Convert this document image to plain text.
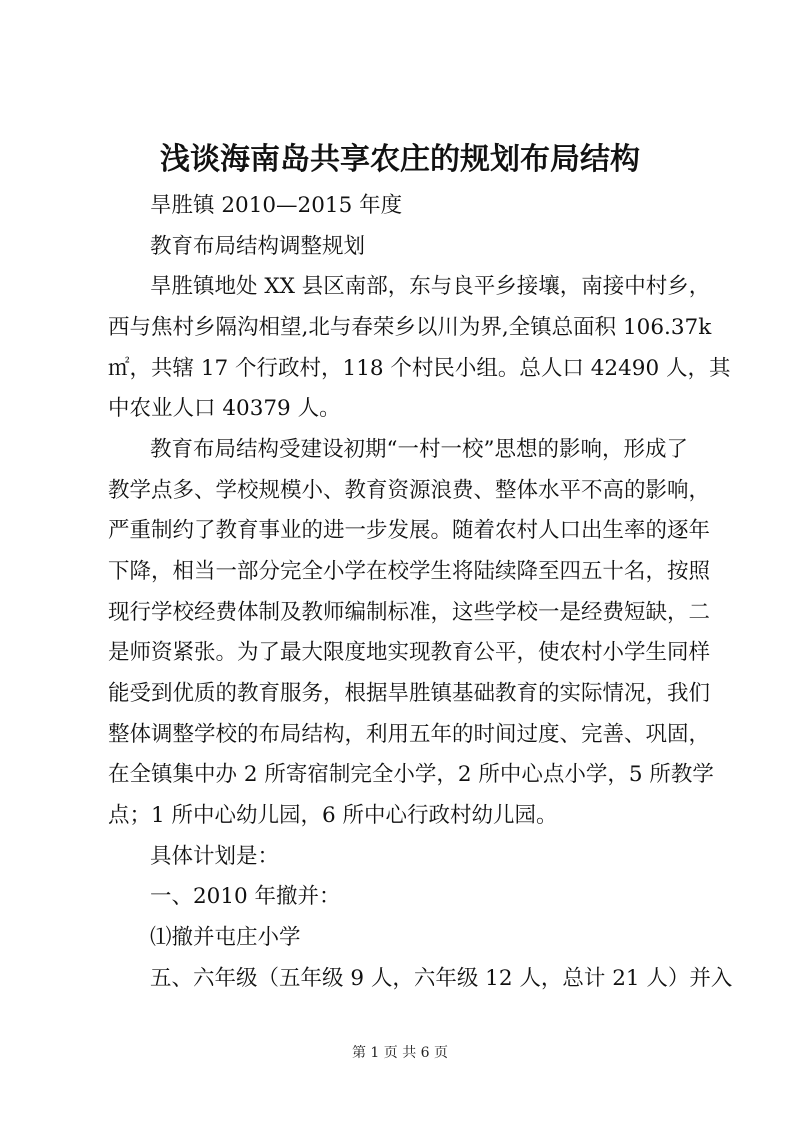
浅谈海南岛共享农庄的规划布局结构
旱胜镇 2010—2015 年度
教育布局结构调整规划
旱胜镇地处 XX 县区南部，东与良平乡接壤，南接中村乡，
西与焦村乡隔沟相望,北与春荣乡以川为界,全镇总面积 106.37k
㎡，共辖 17 个行政村，118 个村民小组。总人口 42490 人，其
中农业人口 40379 人。
教育布局结构受建设初期“一村一校”思想的影响，形成了
教学点多、学校规模小、教育资源浪费、整体水平不高的影响，
严重制约了教育事业的进一步发展。随着农村人口出生率的逐年
下降，相当一部分完全小学在校学生将陆续降至四五十名，按照
现行学校经费体制及教师编制标准，这些学校一是经费短缺，二
是师资紧张。为了最大限度地实现教育公平，使农村小学生同样
能受到优质的教育服务，根据旱胜镇基础教育的实际情况，我们
整体调整学校的布局结构，利用五年的时间过度、完善、巩固，
在全镇集中办 2 所寄宿制完全小学，2 所中心点小学，5 所教学
点；1 所中心幼儿园，6 所中心行政村幼儿园。
具体计划是：
一、2010 年撤并：
⑴撤并屯庄小学
五、六年级（五年级 9 人，六年级 12 人，总计 21 人）并入
第 1 页 共 6 页
